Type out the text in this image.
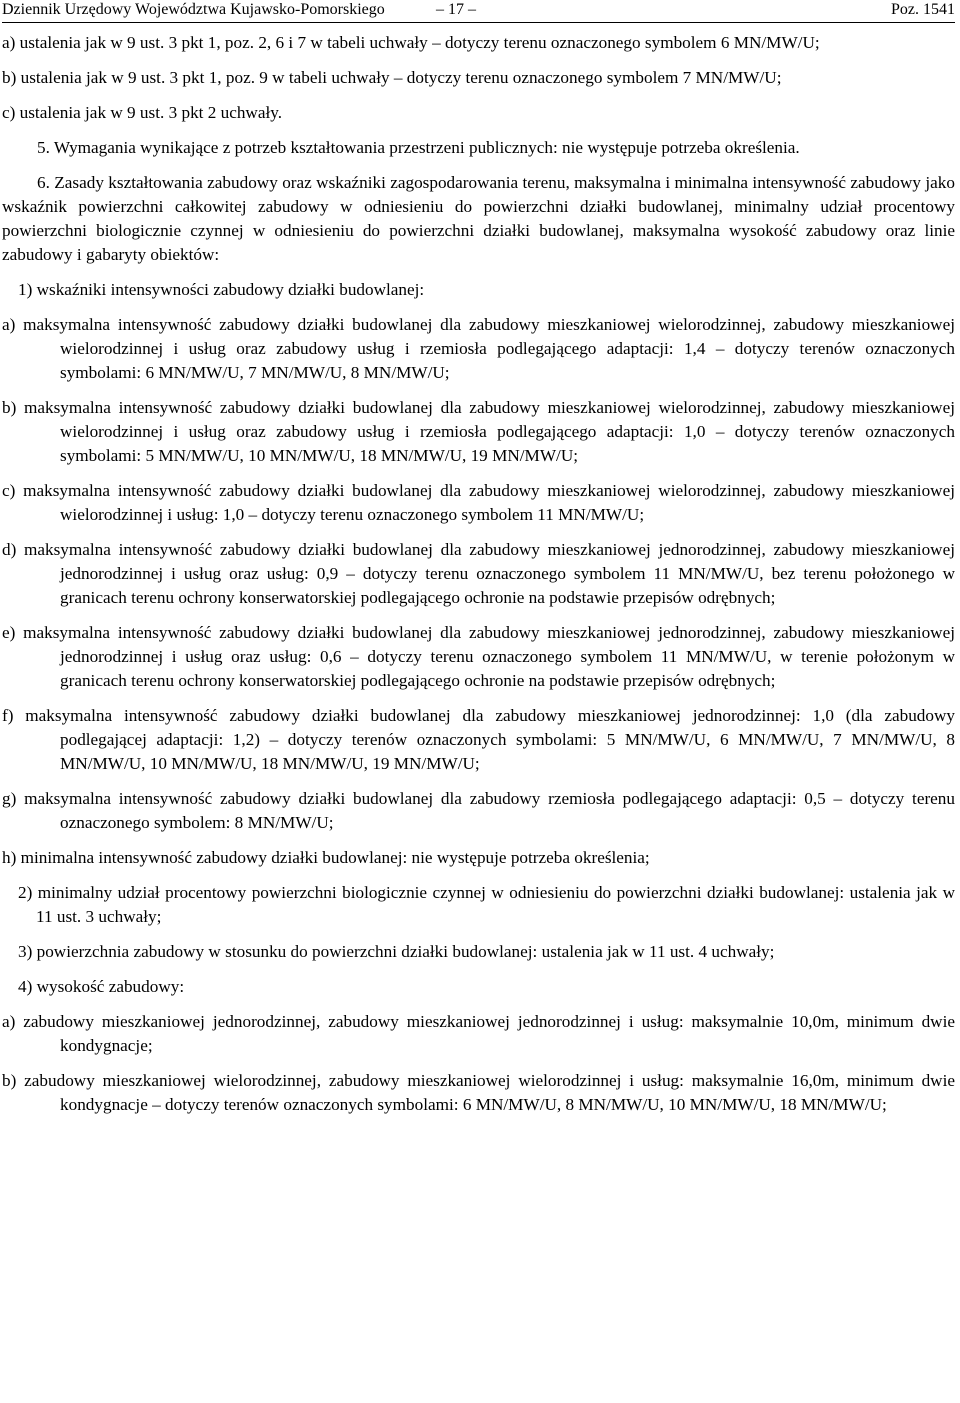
Dziennik Urzędowy Województwa Kujawsko-Pomorskiego	– 17 –	Poz. 1541

a) ustalenia jak w 9 ust. 3 pkt 1, poz. 2, 6 i 7 w tabeli uchwały – dotyczy terenu oznaczonego symbolem 6 MN/MW/U;

b) ustalenia jak w 9 ust. 3 pkt 1, poz. 9 w tabeli uchwały – dotyczy terenu oznaczonego symbolem 7 MN/MW/U;

c) ustalenia jak w 9 ust. 3 pkt 2 uchwały.

5. Wymagania wynikające z potrzeb kształtowania przestrzeni publicznych: nie występuje potrzeba określenia.

6. Zasady kształtowania zabudowy oraz wskaźniki zagospodarowania terenu, maksymalna i minimalna intensywność zabudowy jako wskaźnik powierzchni całkowitej zabudowy w odniesieniu do powierzchni działki budowlanej, minimalny udział procentowy powierzchni biologicznie czynnej w odniesieniu do powierzchni działki budowlanej, maksymalna wysokość zabudowy oraz linie zabudowy i gabaryty obiektów:

1) wskaźniki intensywności zabudowy działki budowlanej:

a) maksymalna intensywność zabudowy działki budowlanej dla zabudowy mieszkaniowej wielorodzinnej, zabudowy mieszkaniowej wielorodzinnej i usług oraz zabudowy usług i rzemiosła podlegającego adaptacji: 1,4 – dotyczy terenów oznaczonych symbolami: 6 MN/MW/U, 7 MN/MW/U, 8 MN/MW/U;

b) maksymalna intensywność zabudowy działki budowlanej dla zabudowy mieszkaniowej wielorodzinnej, zabudowy mieszkaniowej wielorodzinnej i usług oraz zabudowy usług i rzemiosła podlegającego adaptacji: 1,0 – dotyczy terenów oznaczonych symbolami: 5 MN/MW/U, 10 MN/MW/U, 18 MN/MW/U, 19 MN/MW/U;

c) maksymalna intensywność zabudowy działki budowlanej dla zabudowy mieszkaniowej wielorodzinnej, zabudowy mieszkaniowej wielorodzinnej i usług: 1,0 – dotyczy terenu oznaczonego symbolem 11 MN/MW/U;

d) maksymalna intensywność zabudowy działki budowlanej dla zabudowy mieszkaniowej jednorodzinnej, zabudowy mieszkaniowej jednorodzinnej i usług oraz usług: 0,9 – dotyczy terenu oznaczonego symbolem 11 MN/MW/U, bez terenu położonego w granicach terenu ochrony konserwatorskiej podlegającego ochronie na podstawie przepisów odrębnych;

e) maksymalna intensywność zabudowy działki budowlanej dla zabudowy mieszkaniowej jednorodzinnej, zabudowy mieszkaniowej jednorodzinnej i usług oraz usług: 0,6 – dotyczy terenu oznaczonego symbolem 11 MN/MW/U, w terenie położonym w granicach terenu ochrony konserwatorskiej podlegającego ochronie na podstawie przepisów odrębnych;

f) maksymalna intensywność zabudowy działki budowlanej dla zabudowy mieszkaniowej jednorodzinnej: 1,0 (dla zabudowy podlegającej adaptacji: 1,2) – dotyczy terenów oznaczonych symbolami: 5 MN/MW/U, 6 MN/MW/U, 7 MN/MW/U, 8 MN/MW/U, 10 MN/MW/U, 18 MN/MW/U, 19 MN/MW/U;

g) maksymalna intensywność zabudowy działki budowlanej dla zabudowy rzemiosła podlegającego adaptacji: 0,5 – dotyczy terenu oznaczonego symbolem: 8 MN/MW/U;

h) minimalna intensywność zabudowy działki budowlanej: nie występuje potrzeba określenia;

2) minimalny udział procentowy powierzchni biologicznie czynnej w odniesieniu do powierzchni działki budowlanej: ustalenia jak w 11 ust. 3 uchwały;

3) powierzchnia zabudowy w stosunku do powierzchni działki budowlanej: ustalenia jak w 11 ust. 4 uchwały;

4) wysokość zabudowy:

a) zabudowy mieszkaniowej jednorodzinnej, zabudowy mieszkaniowej jednorodzinnej i usług: maksymalnie 10,0m, minimum dwie kondygnacje;

b) zabudowy mieszkaniowej wielorodzinnej, zabudowy mieszkaniowej wielorodzinnej i usług: maksymalnie 16,0m, minimum dwie kondygnacje – dotyczy terenów oznaczonych symbolami: 6 MN/MW/U, 8 MN/MW/U, 10 MN/MW/U, 18 MN/MW/U;
